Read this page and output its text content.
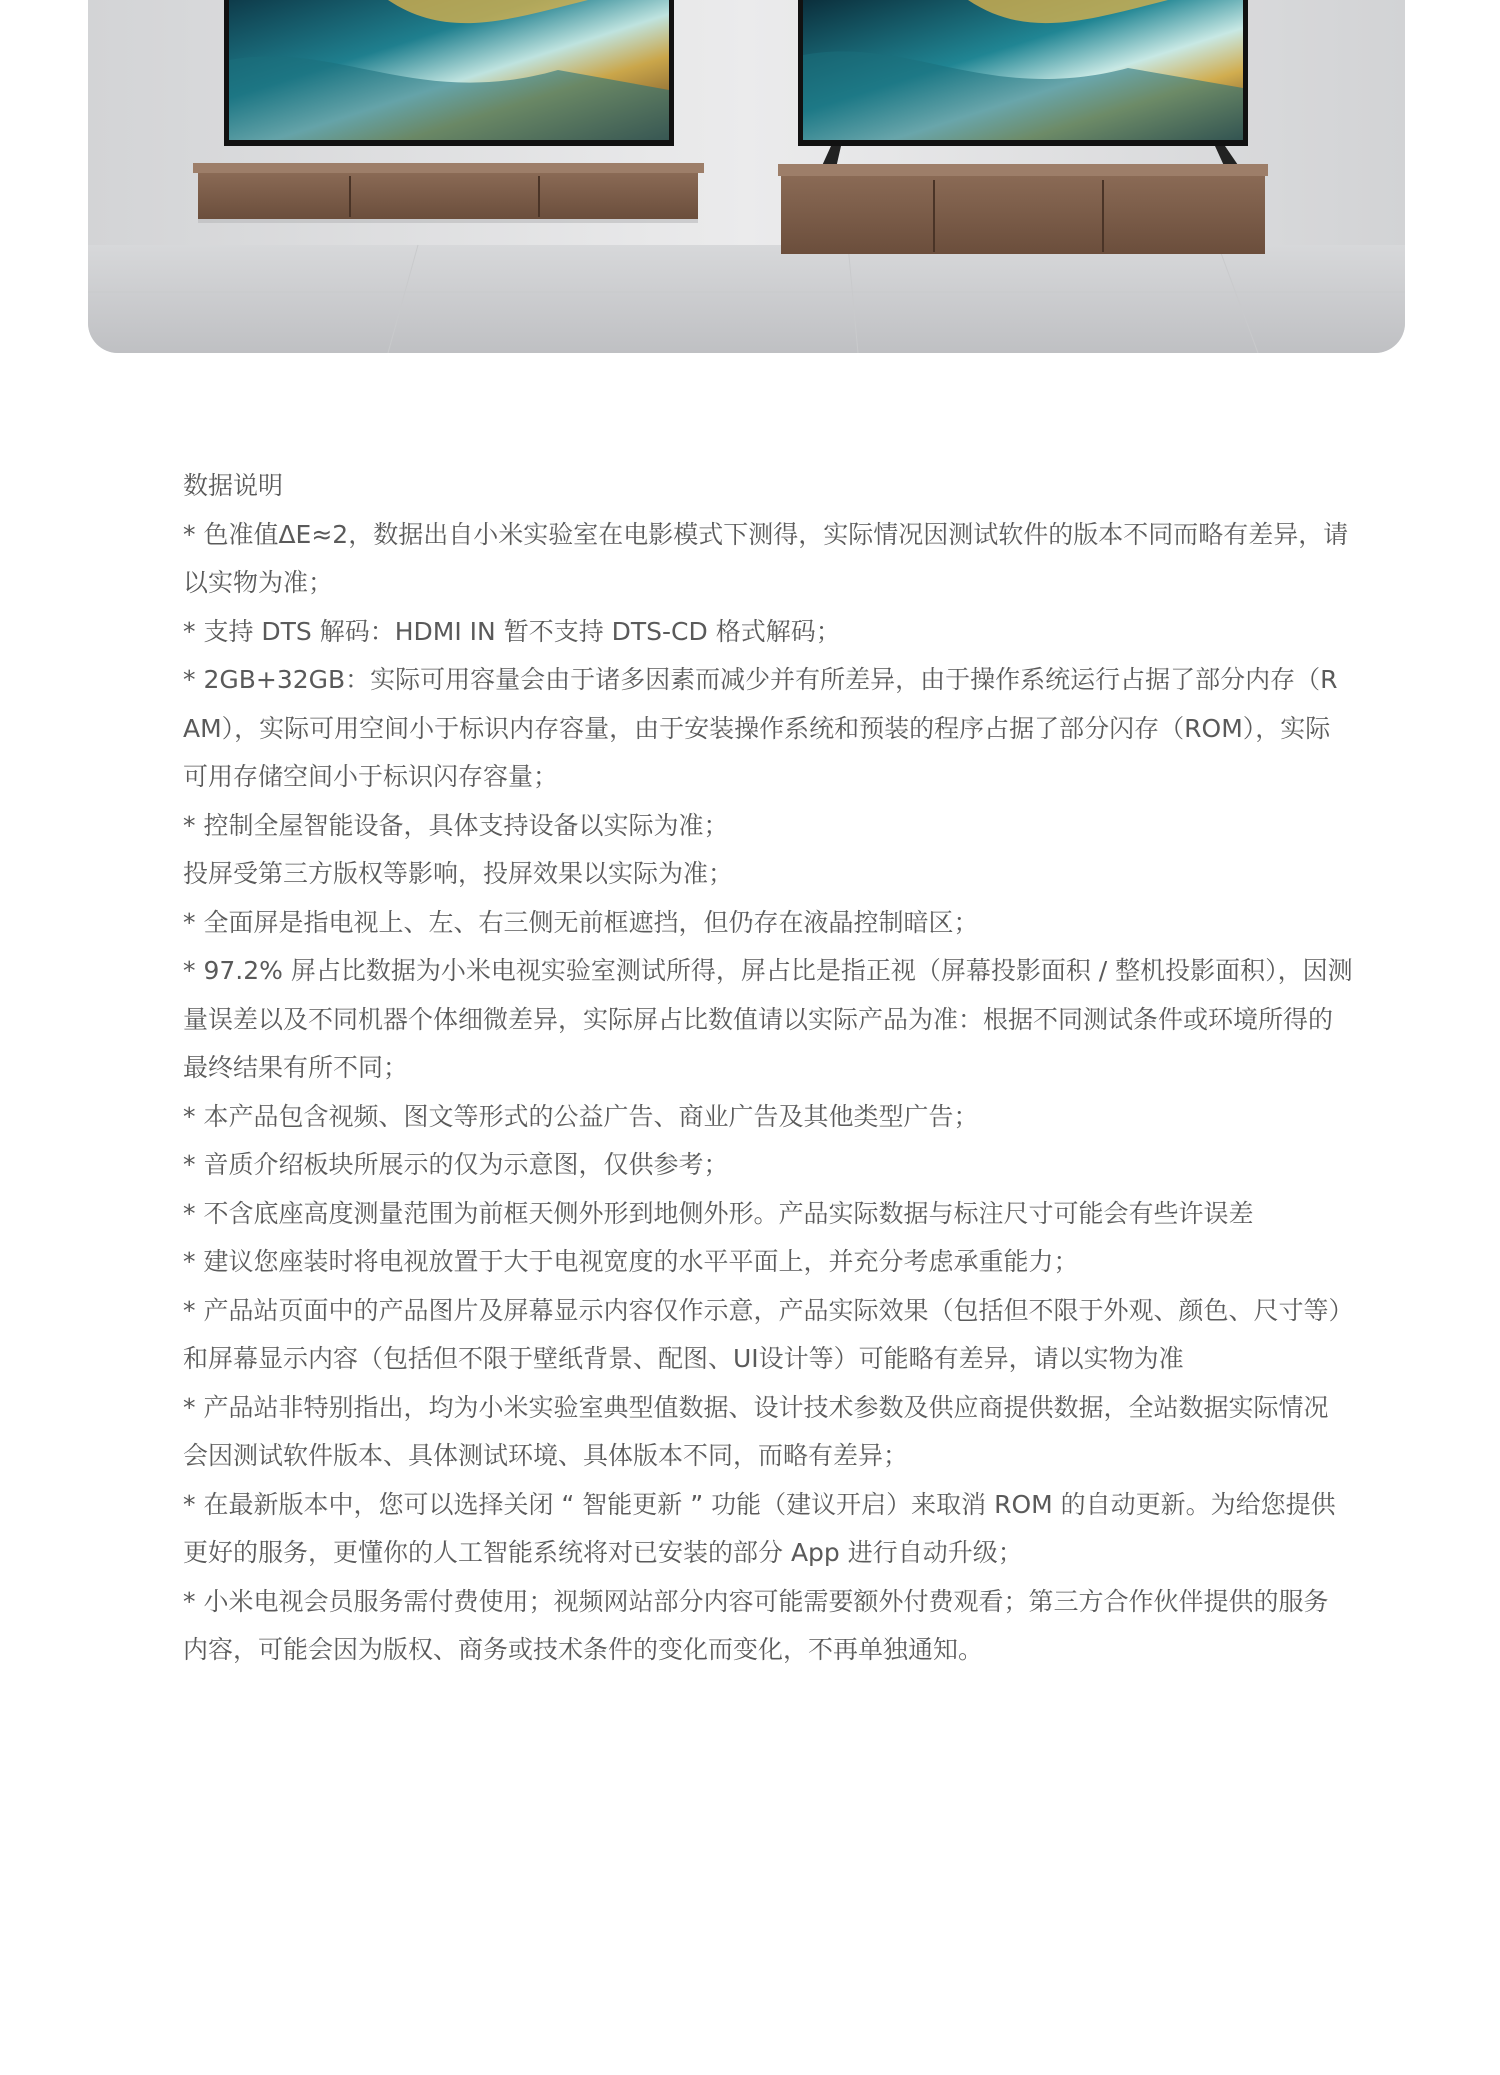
数据说明
* 色准值ΔE≈2，数据出自小米实验室在电影模式下测得，实际情况因测试软件的版本不同而略有差异，请以实物为准；
* 支持 DTS 解码：HDMI IN 暂不支持 DTS-CD 格式解码；
* 2GB+32GB：实际可用容量会由于诸多因素而减少并有所差异，由于操作系统运行占据了部分内存（RAM），实际可用空间小于标识内存容量，由于安装操作系统和预装的程序占据了部分闪存（ROM），实际可用存储空间小于标识闪存容量；
* 控制全屋智能设备，具体支持设备以实际为准；
投屏受第三方版权等影响，投屏效果以实际为准；
* 全面屏是指电视上、左、右三侧无前框遮挡，但仍存在液晶控制暗区；
* 97.2% 屏占比数据为小米电视实验室测试所得，屏占比是指正视（屏幕投影面积 / 整机投影面积），因测量误差以及不同机器个体细微差异，实际屏占比数值请以实际产品为准：根据不同测试条件或环境所得的最终结果有所不同；
* 本产品包含视频、图文等形式的公益广告、商业广告及其他类型广告；
* 音质介绍板块所展示的仅为示意图，仅供参考；
* 不含底座高度测量范围为前框天侧外形到地侧外形。产品实际数据与标注尺寸可能会有些许误差
* 建议您座装时将电视放置于大于电视宽度的水平平面上，并充分考虑承重能力；
* 产品站页面中的产品图片及屏幕显示内容仅作示意，产品实际效果（包括但不限于外观、颜色、尺寸等）和屏幕显示内容（包括但不限于壁纸背景、配图、UI设计等）可能略有差异，请以实物为准
* 产品站非特别指出，均为小米实验室典型值数据、设计技术参数及供应商提供数据，全站数据实际情况会因测试软件版本、具体测试环境、具体版本不同，而略有差异；
* 在最新版本中，您可以选择关闭 “ 智能更新 ” 功能（建议开启）来取消 ROM 的自动更新。为给您提供更好的服务，更懂你的人工智能系统将对已安装的部分 App 进行自动升级；
* 小米电视会员服务需付费使用；视频网站部分内容可能需要额外付费观看；第三方合作伙伴提供的服务内容，可能会因为版权、商务或技术条件的变化而变化，不再单独通知。
